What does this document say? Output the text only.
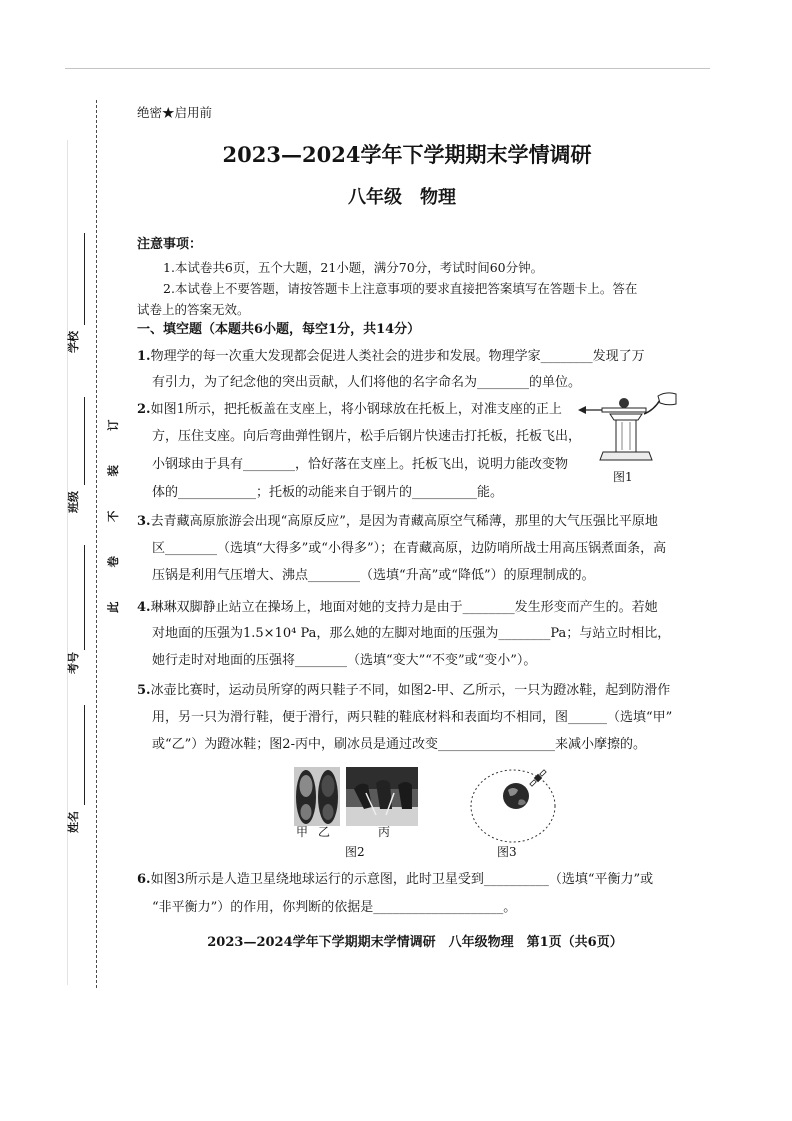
姓名
考号
班级
学校
此卷不装订
绝密★启用前
2023—2024学年下学期期末学情调研
八年级　物理
注意事项：
1.本试卷共6页，五个大题，21小题，满分70分，考试时间60分钟。
2.本试卷上不要答题，请按答题卡上注意事项的要求直接把答案填写在答题卡上。答在
试卷上的答案无效。
一、填空题（本题共6小题，每空1分，共14分）
1.物理学的每一次重大发现都会促进人类社会的进步和发展。物理学家________发现了万
有引力，为了纪念他的突出贡献，人们将他的名字命名为________的单位。
2.如图1所示，把托板盖在支座上，将小钢球放在托板上，对准支座的正上
方，压住支座。向后弯曲弹性钢片，松手后钢片快速击打托板，托板飞出，
小钢球由于具有________，恰好落在支座上。托板飞出，说明力能改变物
体的____________；托板的动能来自于钢片的__________能。
图1
3.去青藏高原旅游会出现“高原反应”，是因为青藏高原空气稀薄，那里的大气压强比平原地
区________（选填“大得多”或“小得多”）；在青藏高原，边防哨所战士用高压锅煮面条，高
压锅是利用气压增大、沸点________（选填“升高”或“降低”）的原理制成的。
4.琳琳双脚静止站立在操场上，地面对她的支持力是由于________发生形变而产生的。若她
对地面的压强为1.5×10⁴ Pa，那么她的左脚对地面的压强为________Pa；与站立时相比，
她行走时对地面的压强将________（选填“变大”“不变”或“变小”）。
5.冰壶比赛时，运动员所穿的两只鞋子不同，如图2-甲、乙所示，一只为蹬冰鞋，起到防滑作
用，另一只为滑行鞋，便于滑行，两只鞋的鞋底材料和表面均不相同，图______（选填“甲”
或“乙”）为蹬冰鞋；图2-丙中，刷冰员是通过改变__________________来减小摩擦的。
甲 乙	丙
图2	图3
6.如图3所示是人造卫星绕地球运行的示意图，此时卫星受到__________（选填“平衡力”或
“非平衡力”）的作用，你判断的依据是____________________。
2023—2024学年下学期期末学情调研　八年级物理　第1页（共6页）
